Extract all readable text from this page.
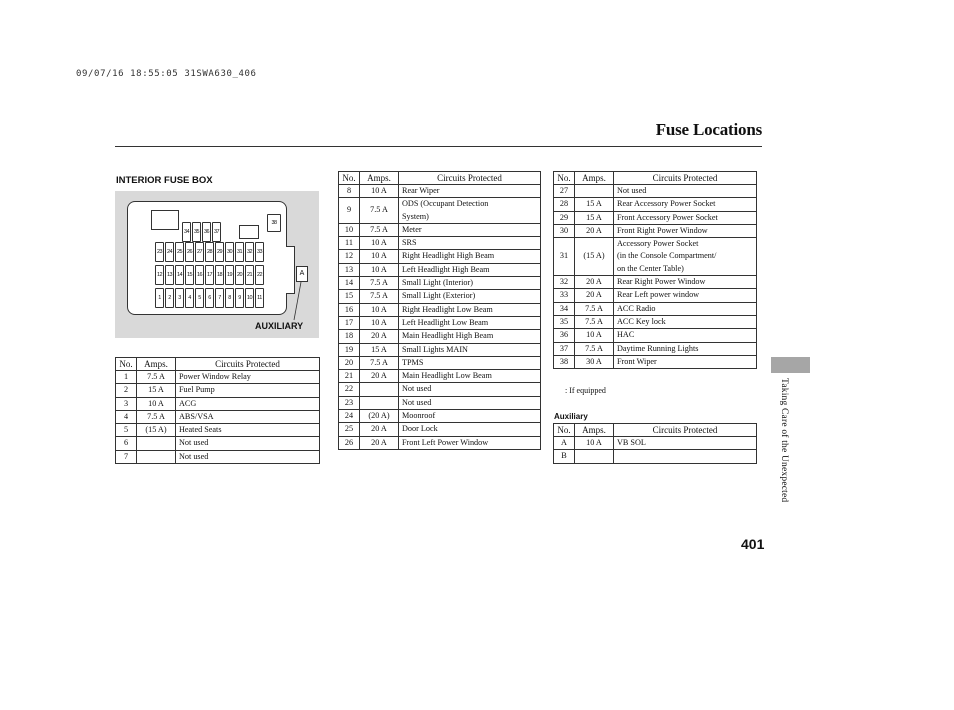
09/07/16 18:55:05 31SWA630_406
Fuse Locations
INTERIOR FUSE BOX
34 35 36 37
23 24 25 26 27 28 29 30 31 32 33
12 13 14 15 16 17 18 19 20 21 22
1	2	3	4	5	6	7	8	9	10 11
38
A
AUXILIARY
No.	Amps.	Circuits Protected
1	7.5 A	Power Window Relay
2	15 A	Fuel Pump
3	10 A	ACG
4	7.5 A	ABS/VSA
5	(15 A)	Heated Seats
6		Not used
7		Not used
No.	Amps.	Circuits Protected
8	10 A	Rear Wiper

9	7.5 A	ODS (Occupant Detection
System)

10	7.5 A	Meter

11	10 A	SRS

12	10 A	Right Headlight High Beam

13	10 A	Left Headlight High Beam

14	7.5 A	Small Light (Interior)

15	7.5 A	Small Light (Exterior)

16	10 A	Right Headlight Low Beam

17	10 A	Left Headlight Low Beam

18	20 A	Main Headlight High Beam

19	15 A	Small Lights MAIN

20	7.5 A	TPMS

21	20 A	Main Headlight Low Beam

22		Not used

23		Not used

24	(20 A)	Moonroof

25	20 A	Door Lock

26	20 A	Front Left Power Window
No.	Amps.	Circuits Protected
27		Not used

28	15 A	Rear Accessory Power Socket

29	15 A	Front Accessory Power Socket

30	20 A	Front Right Power Window

31	(15 A)	Accessory Power Socket
(in the Console Compartment/
on the Center Table)

32	20 A	Rear Right Power Window

33	20 A	Rear Left power window

34	7.5 A	ACC Radio

35	7.5 A	ACC Key lock

36	10 A	HAC

37	7.5 A	Daytime Running Lights

38	30 A	Front Wiper
: If equipped
Auxiliary
No.	Amps.	Circuits Protected
A	10 A	VB SOL

B		

401
Taking Care of the Unexpected
